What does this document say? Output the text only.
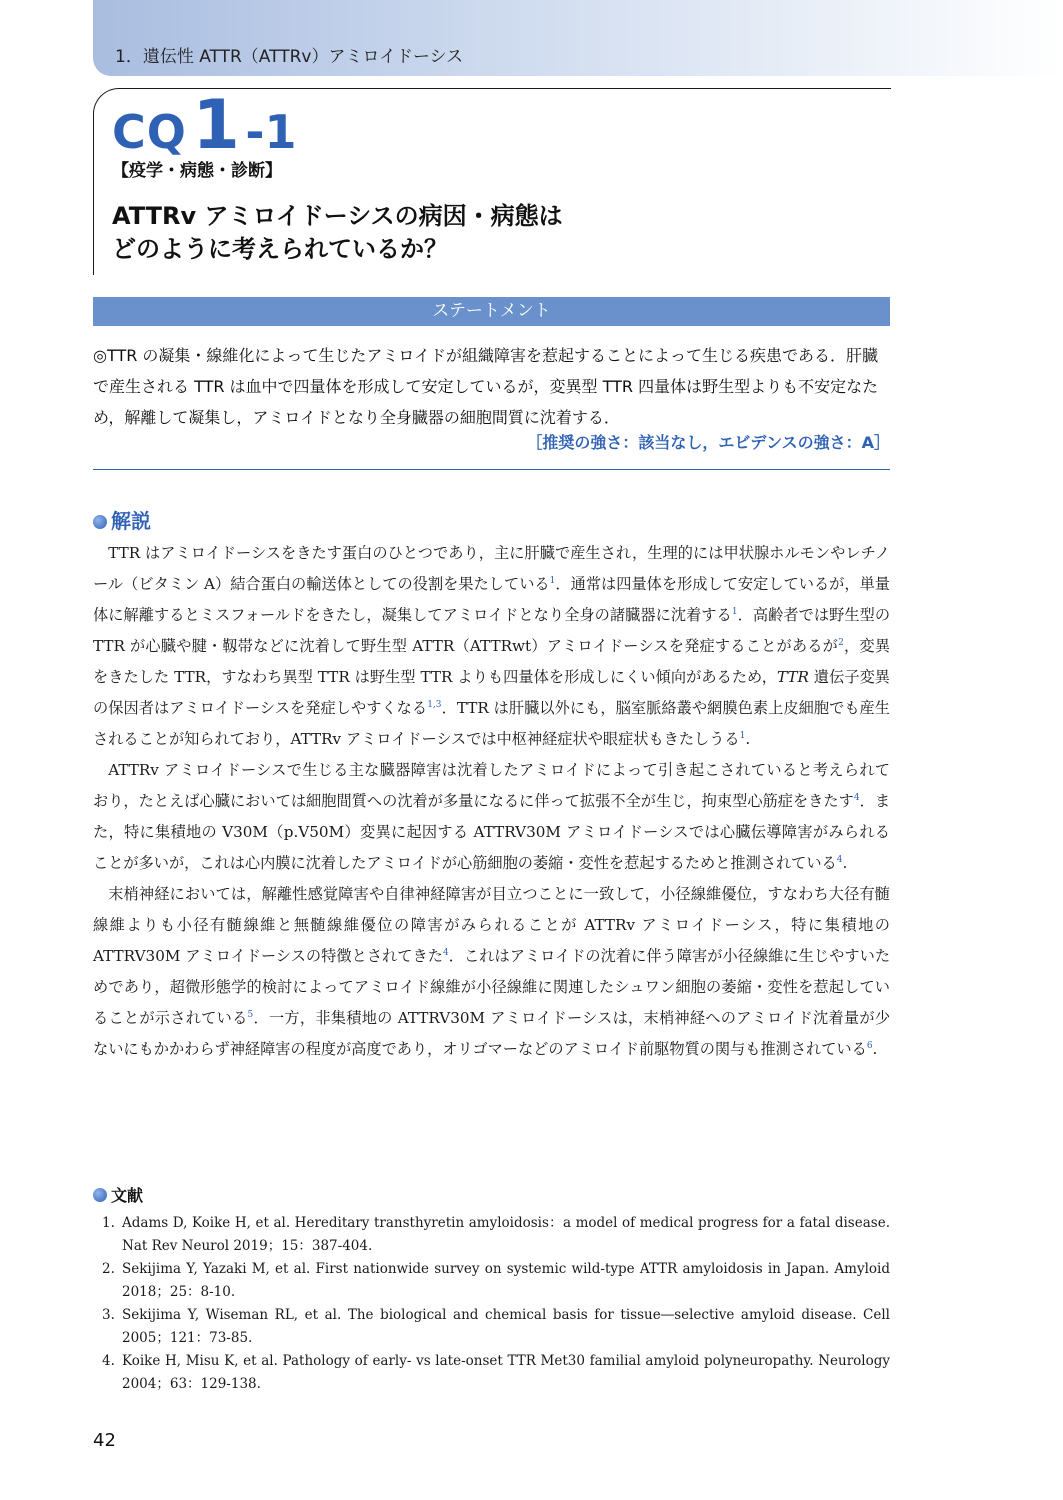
1．遺伝性 ATTR（ATTRv）アミロイドーシス
CQ 1 -1
【疫学・病態・診断】
ATTRv アミロイドーシスの病因・病態は
どのように考えられているか？
ステートメント
◎TTR の凝集・線維化によって生じたアミロイドが組織障害を惹起することによって生じる疾患である．肝臓で産生される TTR は血中で四量体を形成して安定しているが，変異型 TTR 四量体は野生型よりも不安定なため，解離して凝集し，アミロイドとなり全身臓器の細胞間質に沈着する．
［推奨の強さ：該当なし，エビデンスの強さ：A］
解説

TTR はアミロイドーシスをきたす蛋白のひとつであり，主に肝臓で産生され，生理的には甲状腺ホルモンやレチノール（ビタミン A）結合蛋白の輸送体としての役割を果たしている$^1$．通常は四量体を形成して安定しているが，単量体に解離するとミスフォールドをきたし，凝集してアミロイドとなり全身の諸臓器に沈着する$^1$．高齢者では野生型の TTR が心臓や腱・靱帯などに沈着して野生型 ATTR（ATTRwt）アミロイドーシスを発症することがあるが$^2$，変異をきたした TTR，すなわち異型 TTR は野生型 TTR よりも四量体を形成しにくい傾向があるため，TTR 遺伝子変異の保因者はアミロイドーシスを発症しやすくなる$^{1,3}$．TTR は肝臓以外にも，脳室脈絡叢や網膜色素上皮細胞でも産生されることが知られており，ATTRv アミロイドーシスでは中枢神経症状や眼症状もきたしうる$^1$.

ATTRv アミロイドーシスで生じる主な臓器障害は沈着したアミロイドによって引き起こされていると考えられており，たとえば心臓においては細胞間質への沈着が多量になるに伴って拡張不全が生じ，拘束型心筋症をきたす$^4$．また，特に集積地の V30M（p.V50M）変異に起因する ATTRV30M アミロイドーシスでは心臓伝導障害がみられることが多いが，これは心内膜に沈着したアミロイドが心筋細胞の萎縮・変性を惹起するためと推測されている$^4$.

末梢神経においては，解離性感覚障害や自律神経障害が目立つことに一致して，小径線維優位，すなわち大径有髄線維よりも小径有髄線維と無髄線維優位の障害がみられることが ATTRv アミロイドーシス，特に集積地の ATTRV30M アミロイドーシスの特徴とされてきた$^4$．これはアミロイドの沈着に伴う障害が小径線維に生じやすいためであり，超微形態学的検討によってアミロイド線維が小径線維に関連したシュワン細胞の萎縮・変性を惹起していることが示されている$^5$．一方，非集積地の ATTRV30M アミロイドーシスは，末梢神経へのアミロイド沈着量が少ないにもかかわらず神経障害の程度が高度であり，オリゴマーなどのアミロイド前駆物質の関与も推測されている$^6$.

文献
1. Adams D, Koike H, et al. Hereditary transthyretin amyloidosis：a model of medical progress for a fatal disease. Nat Rev Neurol 2019；15：387-404.
2. Sekijima Y, Yazaki M, et al. First nationwide survey on systemic wild-type ATTR amyloidosis in Japan. Amyloid 2018；25：8-10.
3. Sekijima Y, Wiseman RL, et al. The biological and chemical basis for tissue―selective amyloid disease. Cell 2005；121：73-85.
4. Koike H, Misu K, et al. Pathology of early- vs late-onset TTR Met30 familial amyloid polyneuropathy. Neurology 2004；63：129-138.
42
